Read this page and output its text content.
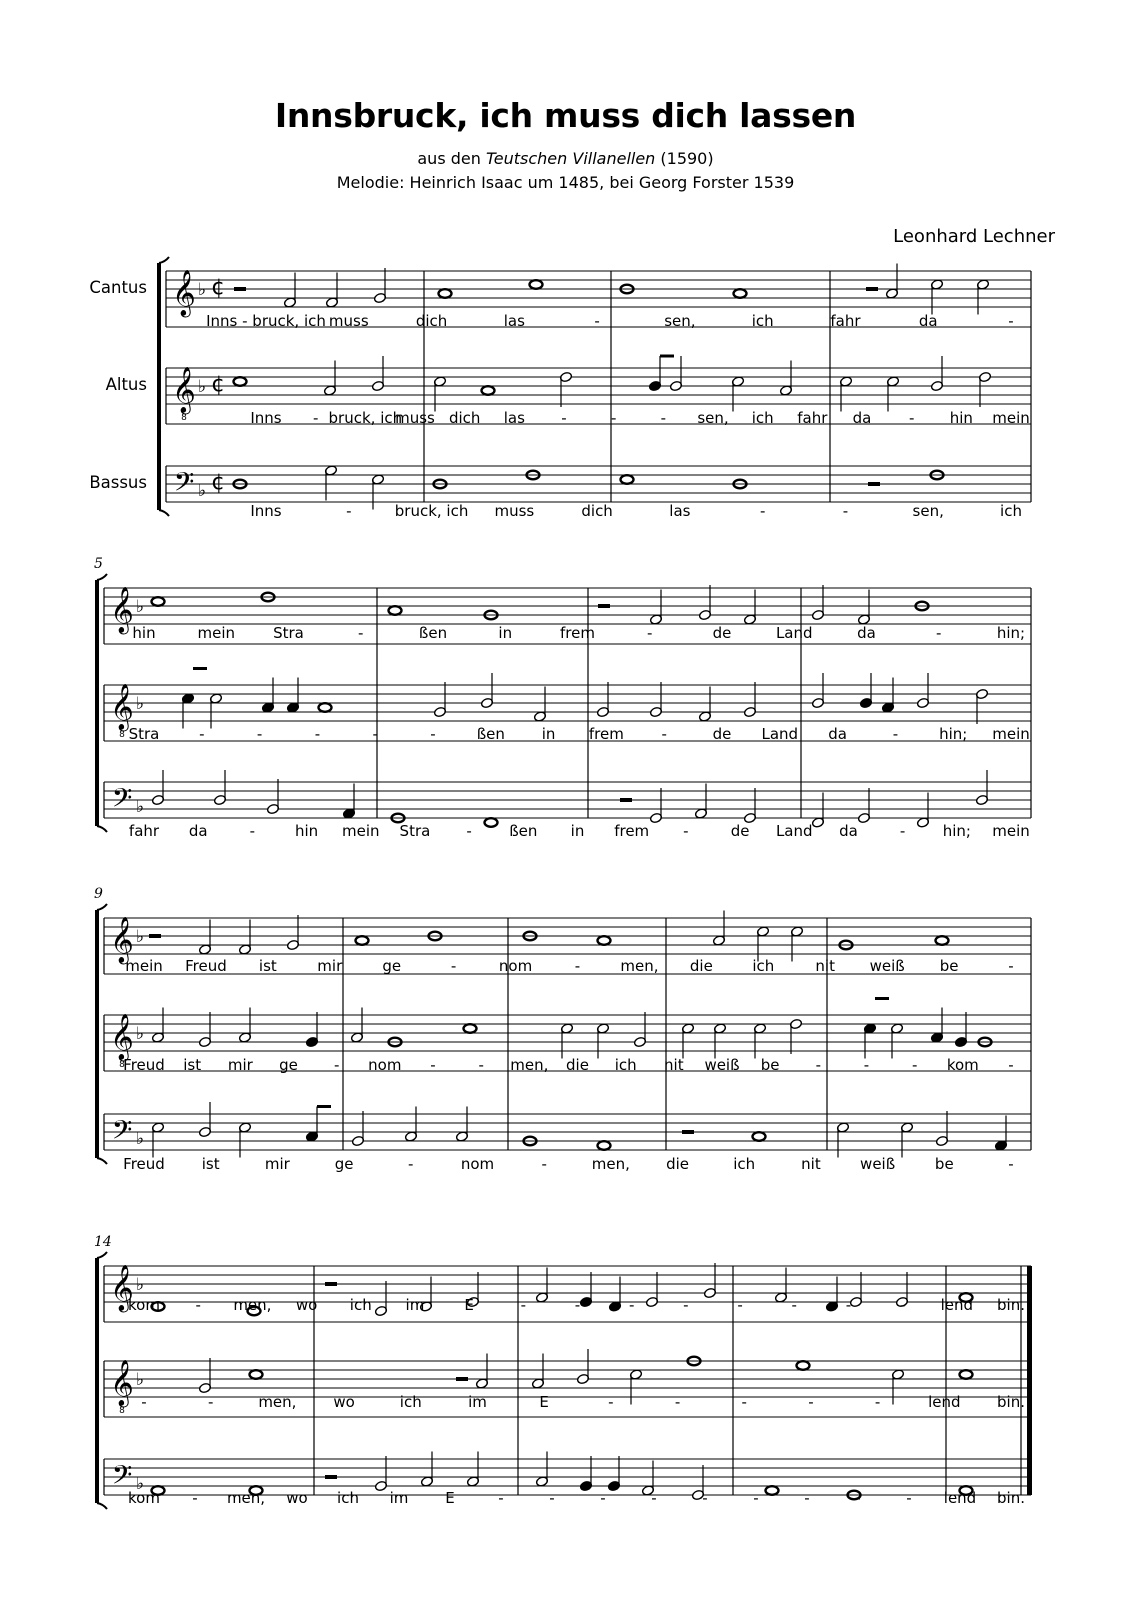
Innsbruck, ich muss dich lassen
aus den Teutschen Villanellen (1590)
Melodie: Heinrich Isaac um 1485, bei Georg Forster 1539
Leonhard Lechner
𝄞 ♭ ¢
Cantus
𝄞
8
♭ ¢
Altus
𝄢 ♭ ¢
Bassus
Inns - bruck, ich muss	dich	las	-	sen,	ich	fahr	da	-
Inns - bruck, ich
muss dich las -	-	- sen, ich fahr da	- hin mein
Inns	-	bruck, ich muss	dich	las	-	-	sen,	ich
𝄞 ♭
𝄞
8
♭
𝄢 ♭
5
hin	mein	Stra	-	ßen	in	frem	-	de	Land	da	-	hin;
Stra	-	-	-	-	-	ßen in frem	-	de Land da	-	hin; mein
fahr da	-	hin mein Stra - ßen in frem -	de Land da	- hin; mein
𝄞 ♭
𝄞
8
♭
𝄢 ♭
9
mein Freud ist	mir	ge	-	nom	-	men, die	ich	nit weiß be	-
Freud ist mir ge - nom -	- men, die ich nit weiß be -	-	- kom -
Freud ist	mir	ge	-	nom	-	men, die	ich	nit	weiß	be	-
𝄞 ♭
𝄞
8
♭
𝄢 ♭
14
kom - men, wo ich im	E	-	-	-	-	-	-	-	- lend bin.
-	-	men, wo	ich	im	E	-	-	-	-	-	lend bin.
kom - men, wo ich im E	-	-	-	-	-	-	-	-	- lend bin.
